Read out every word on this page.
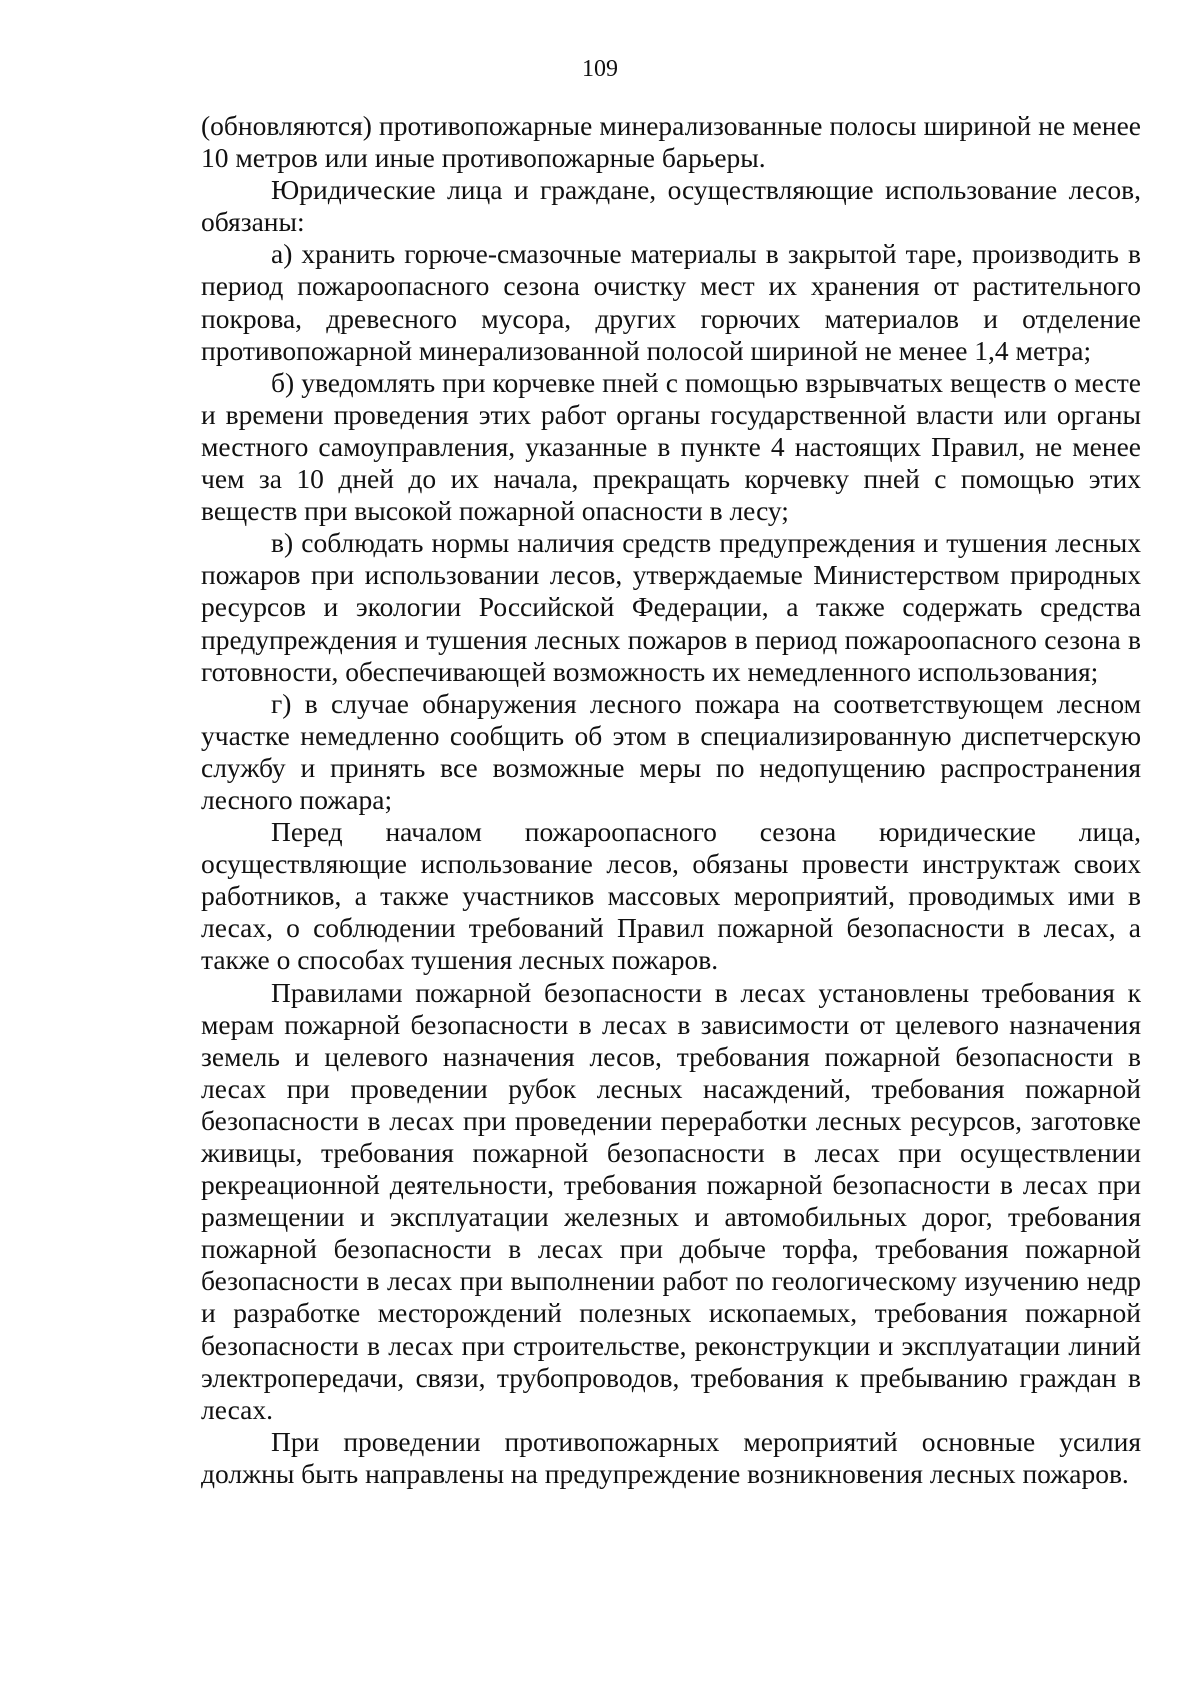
109

(обновляются) противопожарные минерализованные полосы шириной не менее 10 метров или иные противопожарные барьеры.

Юридические лица и граждане, осуществляющие использование лесов, обязаны:

а) хранить горюче-смазочные материалы в закрытой таре, производить в период пожароопасного сезона очистку мест их хранения от растительного покрова, древесного мусора, других горючих материалов и отделение противопожарной минерализованной полосой шириной не менее 1,4 метра;

б) уведомлять при корчевке пней с помощью взрывчатых веществ о месте и времени проведения этих работ органы государственной власти или органы местного самоуправления, указанные в пункте 4 настоящих Правил, не менее чем за 10 дней до их начала, прекращать корчевку пней с помощью этих веществ при высокой пожарной опасности в лесу;

в) соблюдать нормы наличия средств предупреждения и тушения лесных пожаров при использовании лесов, утверждаемые Министерством природных ресурсов и экологии Российской Федерации, а также содержать средства предупреждения и тушения лесных пожаров в период пожароопасного сезона в готовности, обеспечивающей возможность их немедленного использования;

г) в случае обнаружения лесного пожара на соответствующем лесном участке немедленно сообщить об этом в специализированную диспетчерскую службу и принять все возможные меры по недопущению распространения лесного пожара;

Перед началом пожароопасного сезона юридические лица, осуществляющие использование лесов, обязаны провести инструктаж своих работников, а также участников массовых мероприятий, проводимых ими в лесах, о соблюдении требований Правил пожарной безопасности в лесах, а также о способах тушения лесных пожаров.

Правилами пожарной безопасности в лесах установлены требования к мерам пожарной безопасности в лесах в зависимости от целевого назначения земель и целевого назначения лесов, требования пожарной безопасности в лесах при проведении рубок лесных насаждений, требования пожарной безопасности в лесах при проведении переработки лесных ресурсов, заготовке живицы, требования пожарной безопасности в лесах при осуществлении рекреационной деятельности, требования пожарной безопасности в лесах при размещении и эксплуатации железных и автомобильных дорог, требования пожарной безопасности в лесах при добыче торфа, требования пожарной безопасности в лесах при выполнении работ по геологическому изучению недр и разработке месторождений полезных ископаемых, требования пожарной безопасности в лесах при строительстве, реконструкции и эксплуатации линий электропередачи, связи, трубопроводов, требования к пребыванию граждан в лесах.

При проведении противопожарных мероприятий основные усилия должны быть направлены на предупреждение возникновения лесных пожаров.
